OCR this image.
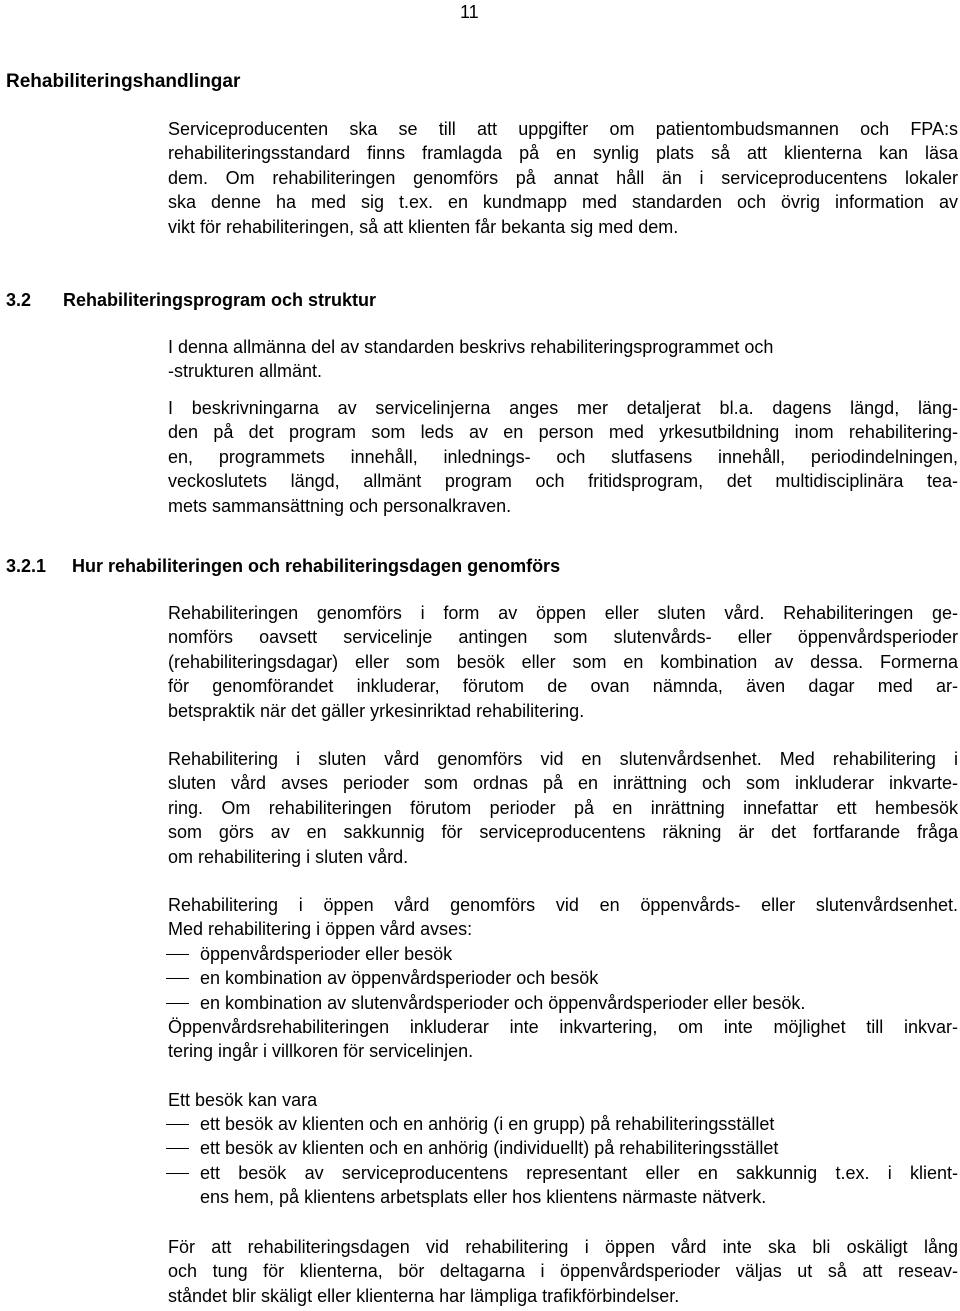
11
Rehabiliteringshandlingar
Serviceproducenten ska se till att uppgifter om patientombudsmannen och FPA:s
rehabiliteringsstandard finns framlagda på en synlig plats så att klienterna kan läsa
dem. Om rehabiliteringen genomförs på annat håll än i serviceproducentens lokaler
ska denne ha med sig t.ex. en kundmapp med standarden och övrig information av
vikt för rehabiliteringen, så att klienten får bekanta sig med dem.
3.2 Rehabiliteringsprogram och struktur
I denna allmänna del av standarden beskrivs rehabiliteringsprogrammet och
-strukturen allmänt.
I beskrivningarna av servicelinjerna anges mer detaljerat bl.a. dagens längd, läng-
den på det program som leds av en person med yrkesutbildning inom rehabilitering-
en, programmets innehåll, inlednings- och slutfasens innehåll, periodindelningen,
veckoslutets längd, allmänt program och fritidsprogram, det multidisciplinära tea-
mets sammansättning och personalkraven.
3.2.1 Hur rehabiliteringen och rehabiliteringsdagen genomförs
Rehabiliteringen genomförs i form av öppen eller sluten vård. Rehabiliteringen ge-
nomförs oavsett servicelinje antingen som slutenvårds- eller öppenvårdsperioder
(rehabiliteringsdagar) eller som besök eller som en kombination av dessa. Formerna
för genomförandet inkluderar, förutom de ovan nämnda, även dagar med ar-
betspraktik när det gäller yrkesinriktad rehabilitering.
Rehabilitering i sluten vård genomförs vid en slutenvårdsenhet. Med rehabilitering i
sluten vård avses perioder som ordnas på en inrättning och som inkluderar inkvarte-
ring. Om rehabiliteringen förutom perioder på en inrättning innefattar ett hembesök
som görs av en sakkunnig för serviceproducentens räkning är det fortfarande fråga
om rehabilitering i sluten vård.
Rehabilitering i öppen vård genomförs vid en öppenvårds- eller slutenvårdsenhet.
Med rehabilitering i öppen vård avses:
öppenvårdsperioder eller besök
en kombination av öppenvårdsperioder och besök
en kombination av slutenvårdsperioder och öppenvårdsperioder eller besök.
Öppenvårdsrehabiliteringen inkluderar inte inkvartering, om inte möjlighet till inkvar-
tering ingår i villkoren för servicelinjen.
Ett besök kan vara
ett besök av klienten och en anhörig (i en grupp) på rehabiliteringsstället
ett besök av klienten och en anhörig (individuellt) på rehabiliteringsstället
ett besök av serviceproducentens representant eller en sakkunnig t.ex. i klient-
ens hem, på klientens arbetsplats eller hos klientens närmaste nätverk.
För att rehabiliteringsdagen vid rehabilitering i öppen vård inte ska bli oskäligt lång
och tung för klienterna, bör deltagarna i öppenvårdsperioder väljas ut så att reseav-
ståndet blir skäligt eller klienterna har lämpliga trafikförbindelser.
